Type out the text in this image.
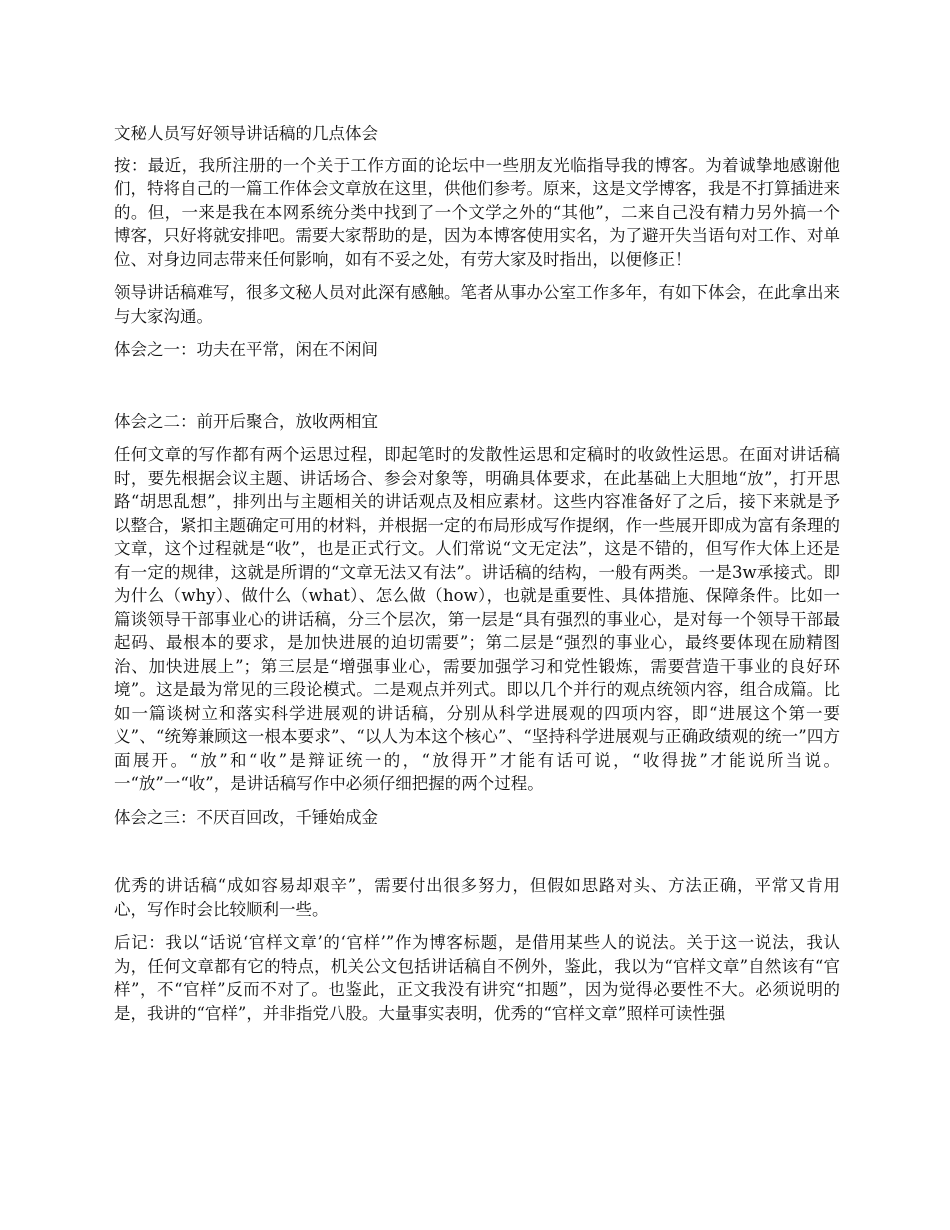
文秘人员写好领导讲话稿的几点体会

按：最近，我所注册的一个关于工作方面的论坛中一些朋友光临指导我的博客。为着诚挚地感谢他们，特将自己的一篇工作体会文章放在这里，供他们参考。原来，这是文学博客，我是不打算插进来的。但，一来是我在本网系统分类中找到了一个文学之外的“其他”，二来自己没有精力另外搞一个博客，只好将就安排吧。需要大家帮助的是，因为本博客使用实名，为了避开失当语句对工作、对单位、对身边同志带来任何影响，如有不妥之处，有劳大家及时指出，以便修正！

领导讲话稿难写，很多文秘人员对此深有感触。笔者从事办公室工作多年，有如下体会，在此拿出来与大家沟通。

体会之一：功夫在平常，闲在不闲间

体会之二：前开后聚合，放收两相宜

任何文章的写作都有两个运思过程，即起笔时的发散性运思和定稿时的收敛性运思。在面对讲话稿时，要先根据会议主题、讲话场合、参会对象等，明确具体要求，在此基础上大胆地“放”，打开思路“胡思乱想”，排列出与主题相关的讲话观点及相应素材。这些内容准备好了之后，接下来就是予以整合，紧扣主题确定可用的材料，并根据一定的布局形成写作提纲，作一些展开即成为富有条理的文章，这个过程就是“收”，也是正式行文。人们常说“文无定法”，这是不错的，但写作大体上还是有一定的规律，这就是所谓的“文章无法又有法”。讲话稿的结构，一般有两类。一是3w承接式。即为什么（why）、做什么（what）、怎么做（how），也就是重要性、具体措施、保障条件。比如一篇谈领导干部事业心的讲话稿，分三个层次，第一层是“具有强烈的事业心，是对每一个领导干部最起码、最根本的要求，是加快进展的迫切需要”；第二层是“强烈的事业心，最终要体现在励精图治、加快进展上”；第三层是“增强事业心，需要加强学习和党性锻炼，需要营造干事业的良好环境”。这是最为常见的三段论模式。二是观点并列式。即以几个并行的观点统领内容，组合成篇。比如一篇谈树立和落实科学进展观的讲话稿，分别从科学进展观的四项内容，即“进展这个第一要义”、“统筹兼顾这一根本要求”、“以人为本这个核心”、“坚持科学进展观与正确政绩观的统一”四方面展开。“放”和“收”是辩证统一的，“放得开”才能有话可说，“收得拢”才能说所当说。一“放”一“收”，是讲话稿写作中必须仔细把握的两个过程。

体会之三：不厌百回改，千锤始成金

优秀的讲话稿“成如容易却艰辛”，需要付出很多努力，但假如思路对头、方法正确，平常又肯用心，写作时会比较顺利一些。

后记：我以“话说‘官样文章’的‘官样’”作为博客标题，是借用某些人的说法。关于这一说法，我认为，任何文章都有它的特点，机关公文包括讲话稿自不例外，鉴此，我以为“官样文章”自然该有“官样”，不“官样”反而不对了。也鉴此，正文我没有讲究“扣题”，因为觉得必要性不大。必须说明的是，我讲的“官样”，并非指党八股。大量事实表明，优秀的“官样文章”照样可读性强
